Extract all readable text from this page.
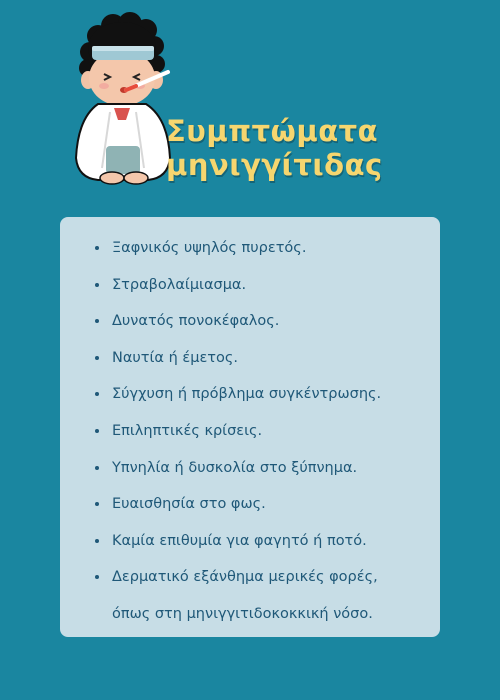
Συμπτώματα
μηνιγγίτιδας
Ξαφνικός υψηλός πυρετός.
Στραβολαίμιασμα.
Δυνατός πονοκέφαλος.
Ναυτία ή έμετος.
Σύγχυση ή πρόβλημα συγκέντρωσης.
Επιληπτικές κρίσεις.
Υπνηλία ή δυσκολία στο ξύπνημα.
Ευαισθησία στο φως.
Καμία επιθυμία για φαγητό ή ποτό.
Δερματικό εξάνθημα μερικές φορές,
όπως στη μηνιγγιτιδοκοκκική νόσο.
